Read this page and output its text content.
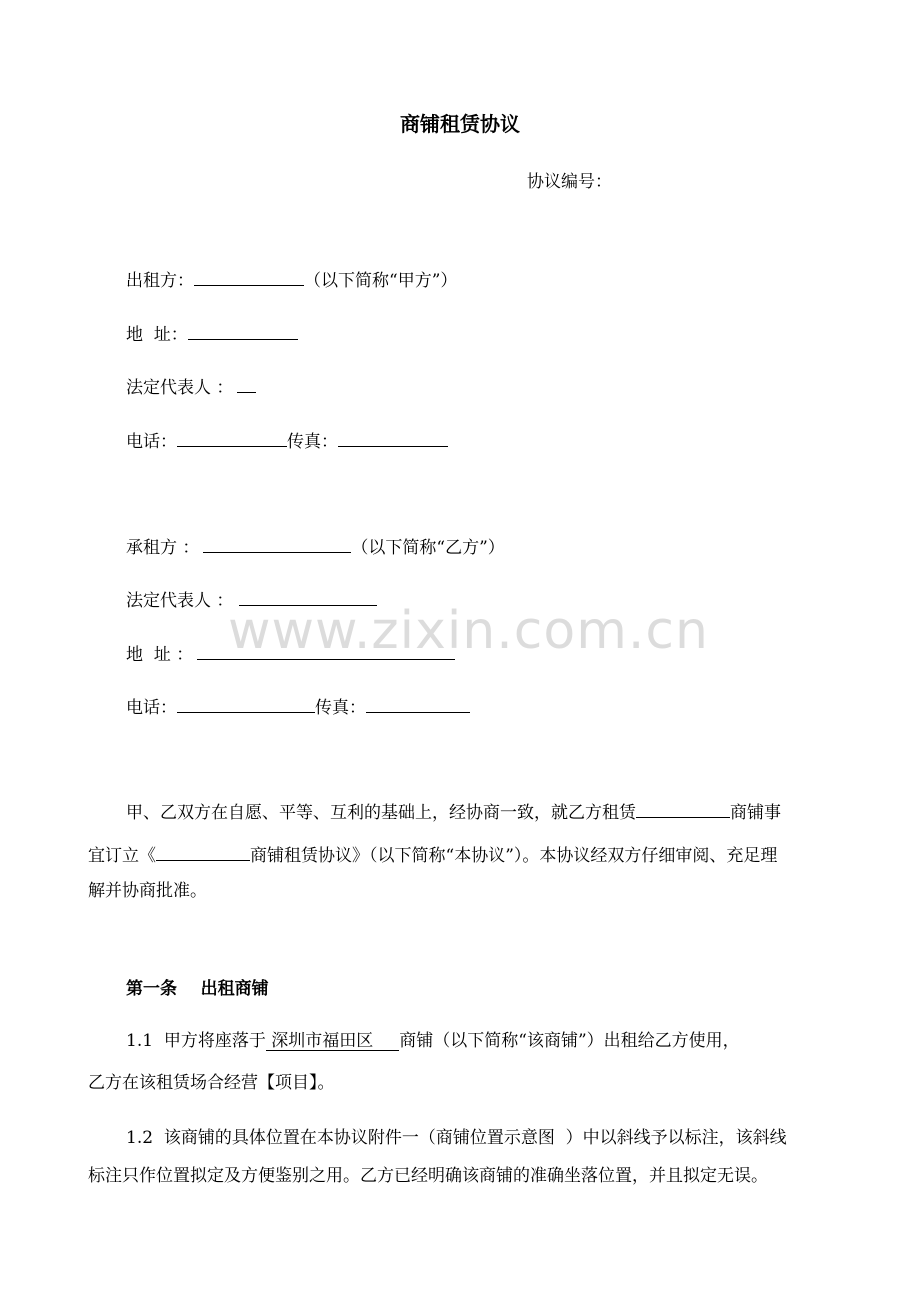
商铺租赁协议
协议编号：
出租方：	（以下简称“甲方”）
地  址：
法定代表人 ：
电话：	传真：
承租方 ：	（以下简称“乙方”）
法定代表人 ：
地  址 ：
电话：	传真：
www.zixin.com.cn
甲、乙双方在自愿、平等、互利的基础上，经协商一致，就乙方租赁	商铺事
宜订立《	商铺租赁协议》（以下简称“本协议”）。本协议经双方仔细审阅、充足理
解并协商批准。
第一条    出租商铺
1.1  甲方将座落于 深圳市福田区 商铺（以下简称“该商铺”）出租给乙方使用，
乙方在该租赁场合经营【项目】。
1.2  该商铺的具体位置在本协议附件一（商铺位置示意图  ）中以斜线予以标注，该斜线
标注只作位置拟定及方便鉴别之用。乙方已经明确该商铺的准确坐落位置，并且拟定无误。
